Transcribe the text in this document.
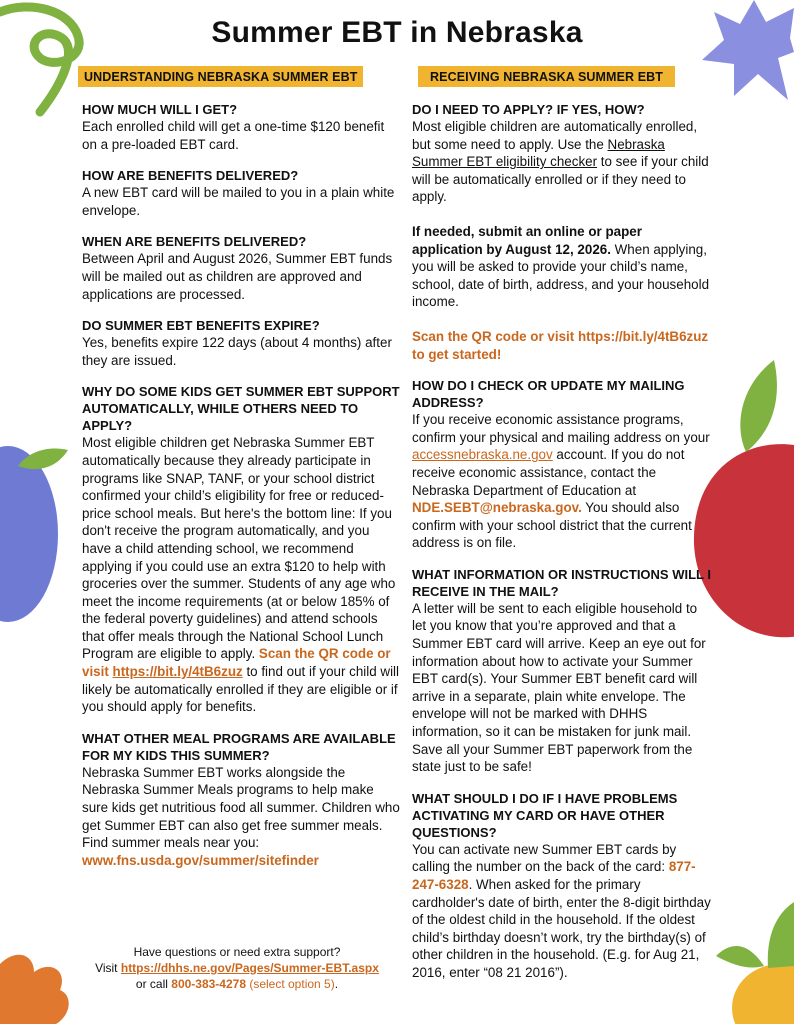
Summer EBT in Nebraska
UNDERSTANDING NEBRASKA SUMMER EBT
HOW MUCH WILL I GET?
Each enrolled child will get a one-time $120 benefit on a pre-loaded EBT card.
HOW ARE BENEFITS DELIVERED?
A new EBT card will be mailed to you in a plain white envelope.
WHEN ARE BENEFITS DELIVERED?
Between April and August 2026, Summer EBT funds will be mailed out as children are approved and applications are processed.
DO SUMMER EBT BENEFITS EXPIRE?
Yes, benefits expire 122 days (about 4 months) after they are issued.
WHY DO SOME KIDS GET SUMMER EBT SUPPORT AUTOMATICALLY, WHILE OTHERS NEED TO APPLY?
Most eligible children get Nebraska Summer EBT automatically because they already participate in programs like SNAP, TANF, or your school district confirmed your child’s eligibility for free or reduced-price school meals. But here's the bottom line: If you don't receive the program automatically, and you have a child attending school, we recommend applying if you could use an extra $120 to help with groceries over the summer. Students of any age who meet the income requirements (at or below 185% of the federal poverty guidelines) and attend schools that offer meals through the National School Lunch Program are eligible to apply. Scan the QR code or visit https://bit.ly/4tB6zuz to find out if your child will likely be automatically enrolled if they are eligible or if you should apply for benefits.
WHAT OTHER MEAL PROGRAMS ARE AVAILABLE FOR MY KIDS THIS SUMMER?
Nebraska Summer EBT works alongside the Nebraska Summer Meals programs to help make sure kids get nutritious food all summer. Children who get Summer EBT can also get free summer meals. Find summer meals near you: www.fns.usda.gov/summer/sitefinder
Have questions or need extra support?
Visit https://dhhs.ne.gov/Pages/Summer-EBT.aspx
or call 800-383-4278 (select option 5).
RECEIVING NEBRASKA SUMMER EBT
DO I NEED TO APPLY? IF YES, HOW?
Most eligible children are automatically enrolled, but some need to apply. Use the Nebraska Summer EBT eligibility checker to see if your child will be automatically enrolled or if they need to apply.
If needed, submit an online or paper application by August 12, 2026. When applying, you will be asked to provide your child’s name, school, date of birth, address, and your household income.
Scan the QR code or visit https://bit.ly/4tB6zuz to get started!
HOW DO I CHECK OR UPDATE MY MAILING ADDRESS?
If you receive economic assistance programs, confirm your physical and mailing address on your accessnebraska.ne.gov account. If you do not receive economic assistance, contact the Nebraska Department of Education at NDE.SEBT@nebraska.gov. You should also confirm with your school district that the current address is on file.
WHAT INFORMATION OR INSTRUCTIONS WILL I RECEIVE IN THE MAIL?
A letter will be sent to each eligible household to let you know that you’re approved and that a Summer EBT card will arrive. Keep an eye out for information about how to activate your Summer EBT card(s). Your Summer EBT benefit card will arrive in a separate, plain white envelope. The envelope will not be marked with DHHS information, so it can be mistaken for junk mail. Save all your Summer EBT paperwork from the state just to be safe!
WHAT SHOULD I DO IF I HAVE PROBLEMS ACTIVATING MY CARD OR HAVE OTHER QUESTIONS?
You can activate new Summer EBT cards by calling the number on the back of the card: 877-247-6328. When asked for the primary cardholder's date of birth, enter the 8-digit birthday of the oldest child in the household. If the oldest child’s birthday doesn’t work, try the birthday(s) of other children in the household. (E.g. for Aug 21, 2016, enter “08 21 2016”).
